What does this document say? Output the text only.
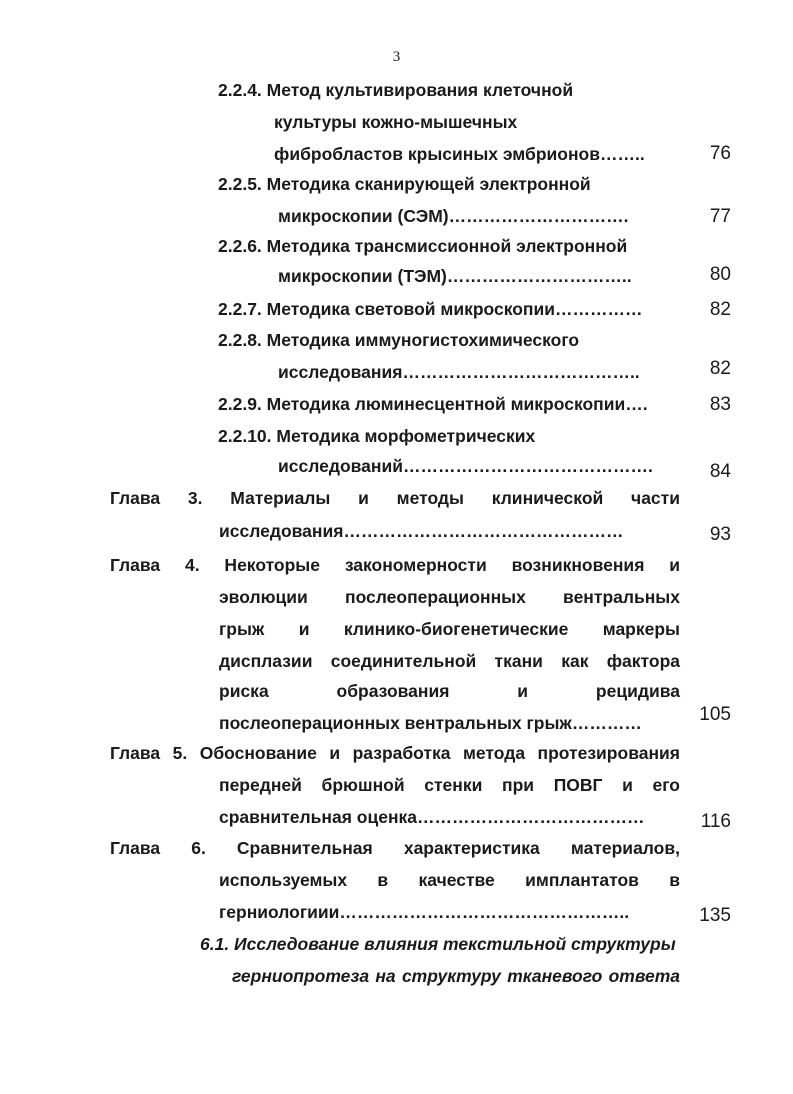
3
2.2.4. Метод культивирования клеточной
культуры кожно-мышечных
фибробластов крысиных эмбрионов……..	76
2.2.5. Методика сканирующей электронной
микроскопии (СЭМ)………………………….	77
2.2.6. Методика трансмиссионной электронной
микроскопии (ТЭМ)…………………………..	80
2.2.7. Методика световой микроскопии……………	82
2.2.8. Методика иммуногистохимического
исследования…………………………………..	82
2.2.9. Методика люминесцентной микроскопии….	83
2.2.10. Методика морфометрических
исследований…………………………………….	84
Глава 3. Материалы и методы клинической части
исследования…………………………………………	93
Глава 4. Некоторые закономерности возникновения и
эволюции послеоперационных вентральных
грыж и клинико-биогенетические маркеры
дисплазии соединительной ткани как фактора
риска образования и рецидива
послеоперационных вентральных грыж…………	105
Глава 5. Обоснование и разработка метода протезирования
передней брюшной стенки при ПОВГ и его
сравнительная оценка…………………………………	116
Глава 6. Сравнительная характеристика материалов,
используемых в качестве имплантатов в
герниологиии…………………………………………..	135
6.1. Исследование влияния текстильной структуры
герниопротеза на структуру тканевого ответа
